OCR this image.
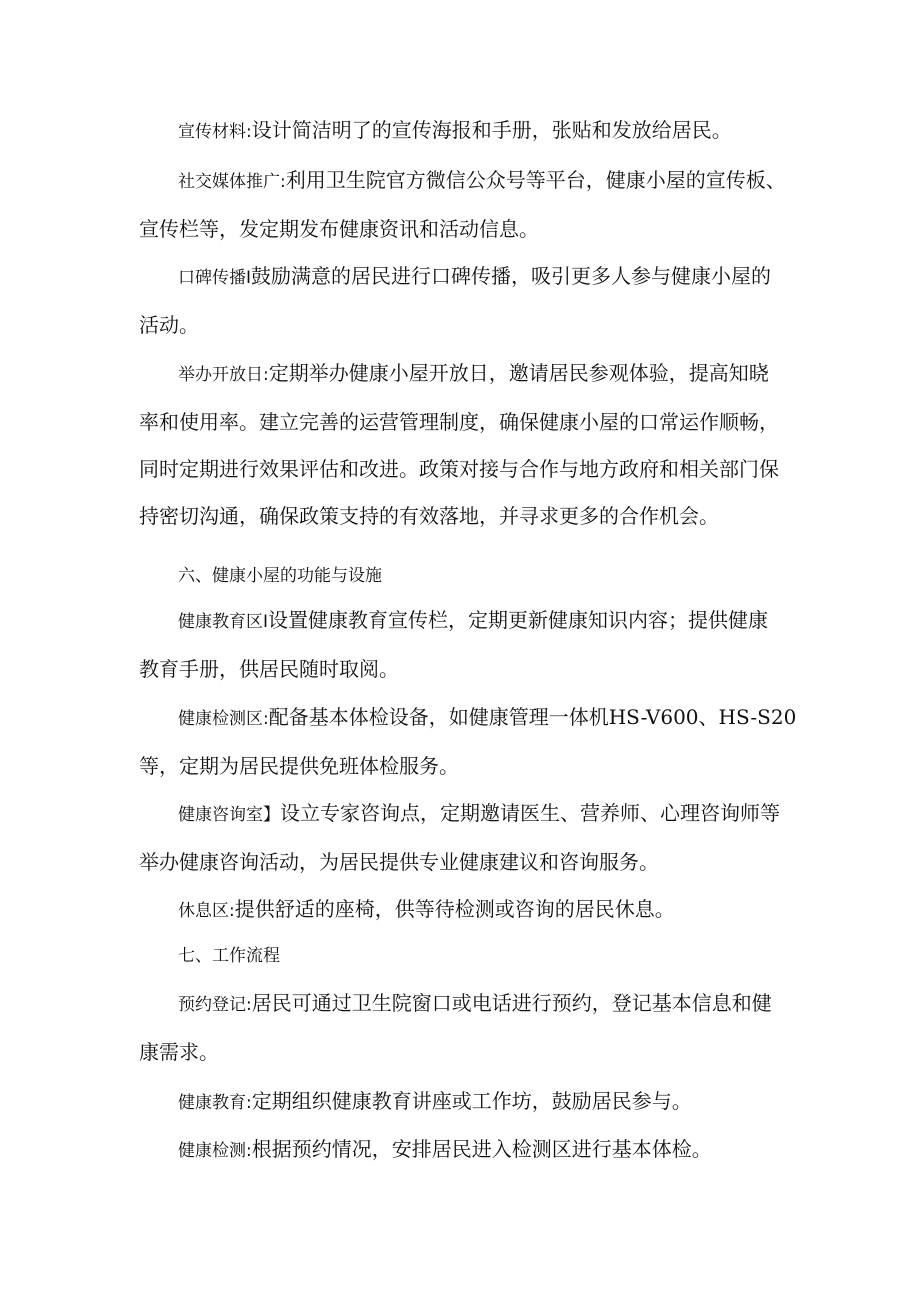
宣传材料:设计简洁明了的宣传海报和手册，张贴和发放给居民。

社交媒体推广:利用卫生院官方微信公众号等平台，健康小屋的宣传板、
宣传栏等，发定期发布健康资讯和活动信息。

口碑传播I鼓励满意的居民进行口碑传播，吸引更多人参与健康小屋的
活动。

举办开放日:定期举办健康小屋开放日，邀请居民参观体验，提高知晓
率和使用率。建立完善的运营管理制度，确保健康小屋的口常运作顺畅，
同时定期进行效果评估和改进。政策对接与合作与地方政府和相关部门保
持密切沟通，确保政策支持的有效落地，并寻求更多的合作机会。

六、健康小屋的功能与设施

健康教育区I设置健康教育宣传栏，定期更新健康知识内容；提供健康
教育手册，供居民随时取阅。

健康检测区:配备基本体检设备，如健康管理一体机HS-V600、HS-S20
等，定期为居民提供免班体检服务。

健康咨询室】设立专家咨询点，定期邀请医生、营养师、心理咨询师等
举办健康咨询活动，为居民提供专业健康建议和咨询服务。

休息区:提供舒适的座椅，供等待检测或咨询的居民休息。

七、工作流程

预约登记:居民可通过卫生院窗口或电话进行预约，登记基本信息和健
康需求。

健康教育:定期组织健康教育讲座或工作坊，鼓励居民参与。

健康检测:根据预约情况，安排居民进入检测区进行基本体检。
